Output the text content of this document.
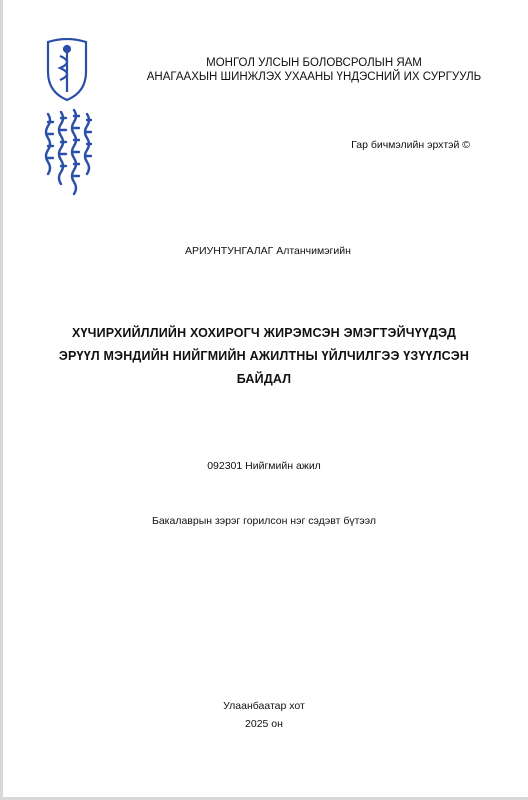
МОНГОЛ УЛСЫН БОЛОВСРОЛЫН ЯАМ
АНАГААХЫН ШИНЖЛЭХ УХААНЫ ҮНДЭСНИЙ ИХ СУРГУУЛЬ
Гар бичмэлийн эрхтэй ©
АРИУНТУНГАЛАГ Алтанчимэгийн
ХҮЧИРХИЙЛЛИЙН ХОХИРОГЧ ЖИРЭМСЭН ЭМЭГТЭЙЧҮҮДЭД
ЭРҮҮЛ МЭНДИЙН НИЙГМИЙН АЖИЛТНЫ ҮЙЛЧИЛГЭЭ ҮЗҮҮЛСЭН
БАЙДАЛ
092301 Нийгмийн ажил
Бакалаврын зэрэг горилсон нэг сэдэвт бүтээл
Улаанбаатар хот
2025 он
